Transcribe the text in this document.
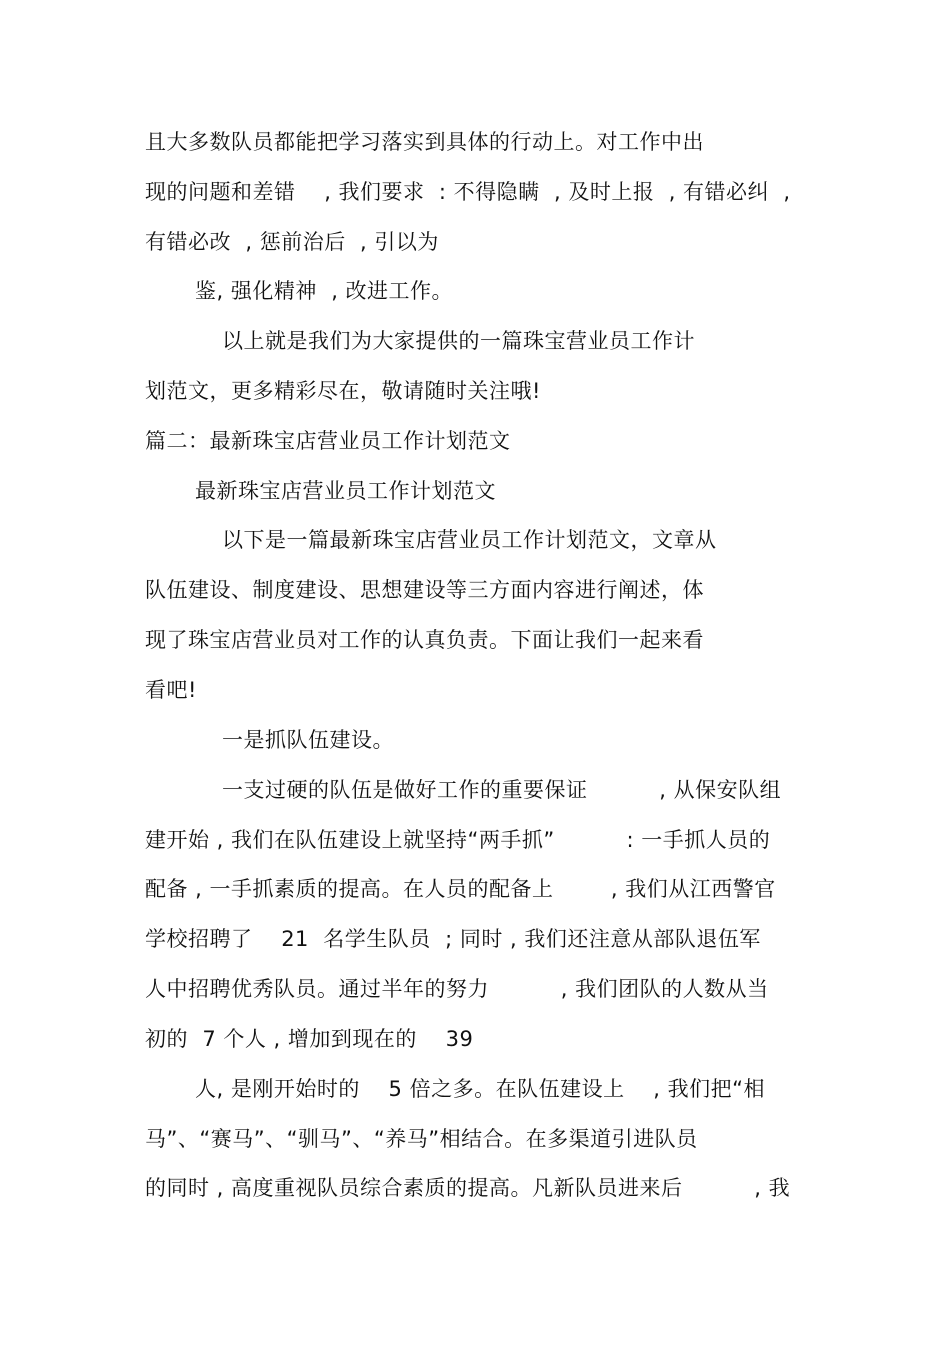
且大多数队员都能把学习落实到具体的行动上。对工作中出
现的问题和差错    , 我们要求  : 不得隐瞒  , 及时上报  , 有错必纠  ,
有错必改  , 惩前治后  , 引以为
鉴, 强化精神  , 改进工作。
以上就是我们为大家提供的一篇珠宝营业员工作计
划范文，更多精彩尽在，敬请随时关注哦!
篇二：最新珠宝店营业员工作计划范文
最新珠宝店营业员工作计划范文
以下是一篇最新珠宝店营业员工作计划范文，文章从
队伍建设、制度建设、思想建设等三方面内容进行阐述，体
现了珠宝店营业员对工作的认真负责。下面让我们一起来看
看吧!
一是抓队伍建设。
一支过硬的队伍是做好工作的重要保证          , 从保安队组
建开始 , 我们在队伍建设上就坚持“两手抓”          : 一手抓人员的
配备 , 一手抓素质的提高。在人员的配备上        , 我们从江西警官
学校招聘了    21  名学生队员  ; 同时 , 我们还注意从部队退伍军
人中招聘优秀队员。通过半年的努力          , 我们团队的人数从当
初的  7 个人 , 增加到现在的    39
人, 是刚开始时的    5 倍之多。在队伍建设上    , 我们把“相
马”、“赛马”、“驯马”、“养马”相结合。在多渠道引进队员
的同时 , 高度重视队员综合素质的提高。凡新队员进来后          , 我
